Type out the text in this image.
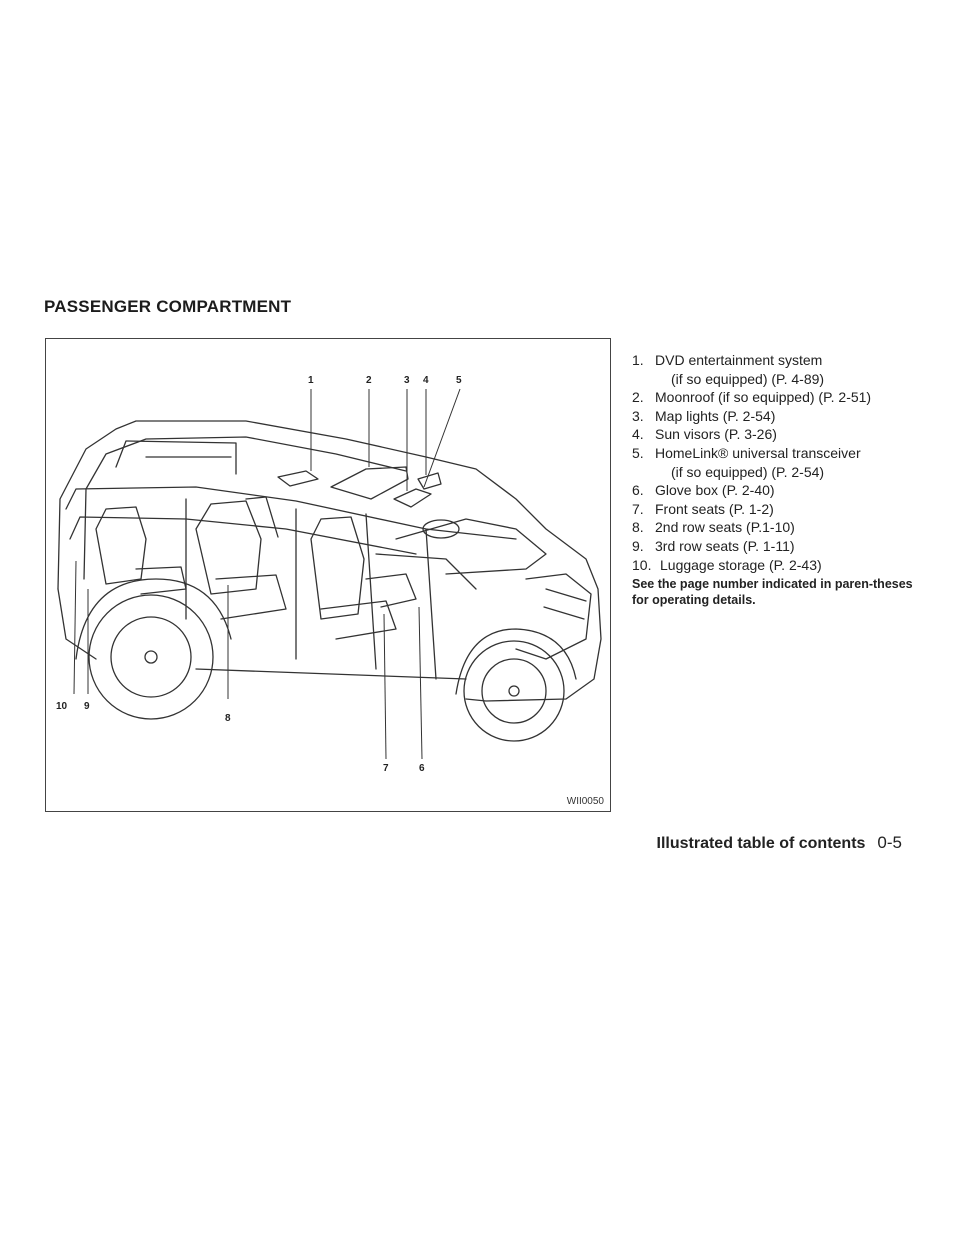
PASSENGER COMPARTMENT
1	2	3 4	5
6
7
8
10 9
WII0050
1. DVD entertainment system
(if so equipped) (P. 4-89)
2. Moonroof (if so equipped) (P. 2-51)
3. Map lights (P. 2-54)
4. Sun visors (P. 3-26)
5. HomeLink® universal transceiver
(if so equipped) (P. 2-54)
6. Glove box (P. 2-40)
7. Front seats (P. 1-2)
8. 2nd row seats (P.1-10)
9. 3rd row seats (P. 1-11)
10. Luggage storage (P. 2-43)
See the page number indicated in paren-theses for operating details.
Illustrated table of contents 0-5
